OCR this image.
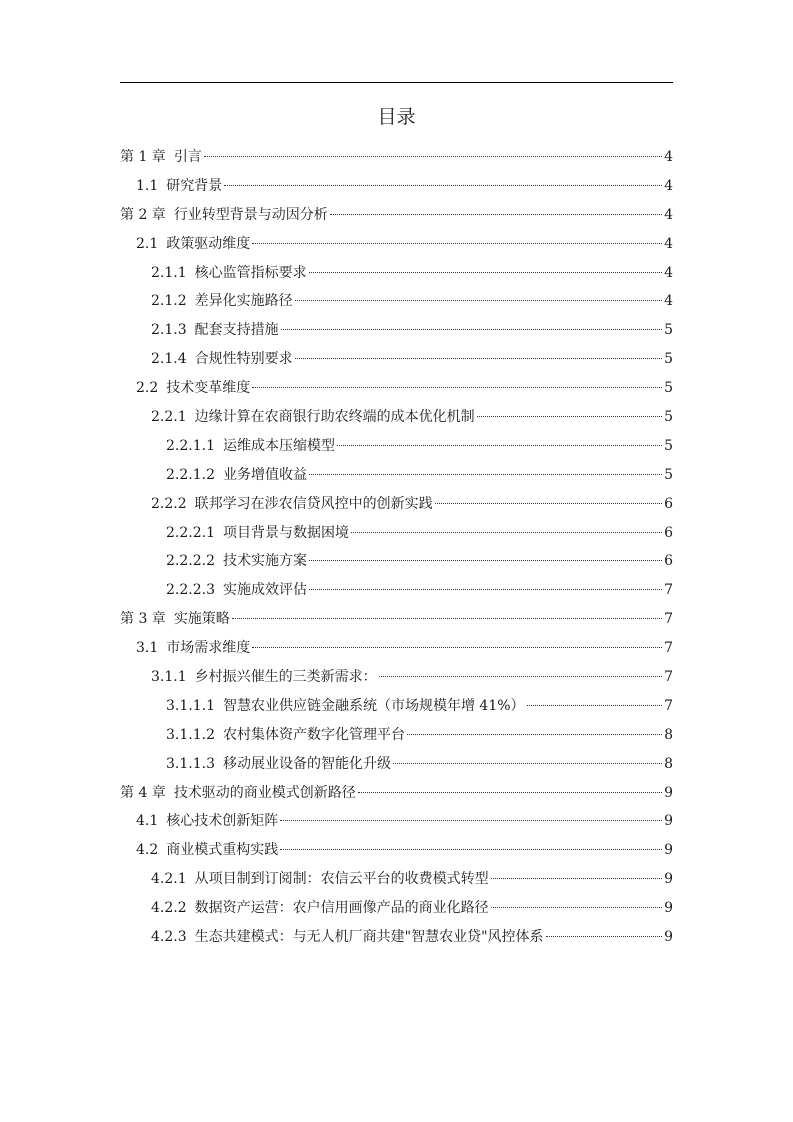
目录
第 1 章 引言	4
1.1 研究背景	4
第 2 章 行业转型背景与动因分析	4
2.1 政策驱动维度	4
2.1.1 核心监管指标要求	4
2.1.2 差异化实施路径	4
2.1.3 配套支持措施	5
2.1.4 合规性特别要求	5
2.2 技术变革维度	5
2.2.1 边缘计算在农商银行助农终端的成本优化机制	5
2.2.1.1 运维成本压缩模型	5
2.2.1.2 业务增值收益	5
2.2.2 联邦学习在涉农信贷风控中的创新实践	6
2.2.2.1 项目背景与数据困境	6
2.2.2.2 技术实施方案	6
2.2.2.3 实施成效评估	7
第 3 章 实施策略	7
3.1 市场需求维度	7
3.1.1 乡村振兴催生的三类新需求：	7
3.1.1.1 智慧农业供应链金融系统（市场规模年增 41%）	7
3.1.1.2 农村集体资产数字化管理平台	8
3.1.1.3 移动展业设备的智能化升级	8
第 4 章 技术驱动的商业模式创新路径	9
4.1 核心技术创新矩阵	9
4.2 商业模式重构实践	9
4.2.1 从项目制到订阅制：农信云平台的收费模式转型	9
4.2.2 数据资产运营：农户信用画像产品的商业化路径	9
4.2.3 生态共建模式：与无人机厂商共建"智慧农业贷"风控体系	9
